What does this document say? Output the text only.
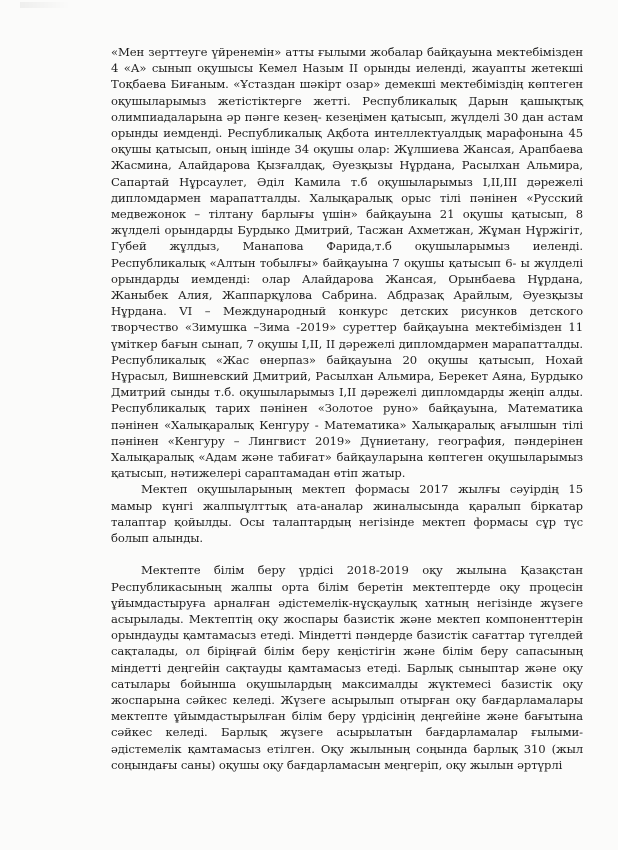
«Мен зерттеуге үйренемін» атты ғылыми жобалар байқауына мектебімізден 4 «А» сынып оқушысы Кемел Назым II орынды иеленді, жауапты жетекші Тоқбаева Биғаным. «Ұстаздан шәкірт озар» демекші мектебіміздің көптеген оқушыларымыз жетістіктерге жетті. Республикалық Дарын қашықтық олимпиадаларына әр пәнге кезең- кезеңімен қатысып, жүлделі 30 дан астам орынды иемденді. Республикалық Ақбота интеллектуалдық марафонына 45 оқушы қатысып, оның ішінде 34 оқушы олар: Жұлшиева Жансая, Арапбаева Жасмина, Алайдарова Қызғалдақ, Әуезқызы Нұрдана, Расылхан Альмира, Сапартай Нұрсаулет, Әділ Камила т.б оқушыларымыз I,II,III дәрежелі дипломдармен марапатталды. Халықаралық орыс тілі пәнінен «Русский медвежонок – тілтану барлығы үшін» байқауына 21 оқушы қатысып, 8 жүлделі орындарды Бурдыко Дмитрий, Тасжан Ахметжан, Жұман Нұржігіт, Губей жұлдыз, Манапова Фарида,т.б оқушыларымыз иеленді. Республикалық «Алтын тобылғы» байқауына 7 оқушы қатысып 6- ы жүлделі орындарды иемденді: олар Алайдарова Жансая, Орынбаева Нұрдана, Жаныбек Алия, Жаппарқұлова Сабрина. Абдразақ Арайлым, Әуезқызы Нұрдана. VI – Международный конкурс детских рисунков детского творчество «Зимушка –Зима -2019» суреттер байқауына мектебімізден 11 үміткер бағын сынап, 7 оқушы I,II, II дәрежелі дипломдармен марапатталды. Республикалық «Жас өнерпаз» байқауына 20 оқушы қатысып, Нохай Нұрасыл, Вишневский Дмитрий, Расылхан Альмира, Берекет Аяна, Бурдыко Дмитрий сынды т.б. оқушыларымыз I,II дәрежелі дипломдарды жеңіп алды. Республикалық тарих пәнінен «Золотое руно» байқауына, Математика пәнінен «Халықаралық Кенгуру - Математика» Халықаралық ағылшын тілі пәнінен «Кенгуру – Лингвист 2019» Дүниетану, география, пәндерінен Халықаралық «Адам және табиғат» байқауларына көптеген оқушыларымыз қатысып, нәтижелері сараптамадан өтіп жатыр.

Мектеп оқушыларының мектеп формасы 2017 жылғы сәуірдің 15 мамыр күнгі жалпыұлттық ата-аналар жиналысында қаралып біркатар талаптар қойылды. Осы талаптардың негізінде мектеп формасы сұр түс болып алынды.

Мектепте білім беру үрдісі 2018-2019 оқу жылына Қазақстан Республикасының жалпы орта білім беретін мектептерде оқу процесін ұйымдастыруға арналған әдістемелік-нұсқаулық хатның негізінде жүзеге асырылады. Мектептің оқу жоспары базистік және мектеп компоненттерін орындауды қамтамасыз етеді. Міндетті пәндерде базистік сағаттар түгелдей сақталады, ол біріңғай білім беру кеңістігін және білім беру сапасының міндетті деңгейін сақтауды қамтамасыз етеді. Барлық сыныптар және оқу сатылары бойынша оқушылардың максималды жүктемесі базистік оқу жоспарына сәйкес келеді. Жүзеге асырылып отырған оқу бағдарламалары мектепте ұйымдастырылған білім беру үрдісінің деңгейіне және бағытына сәйкес келеді. Барлық жүзеге асырылатын бағдарламалар ғылыми-әдістемелік қамтамасыз етілген. Оқу жылының соңында барлық 310 (жыл соңындағы саны) оқушы оқу бағдарламасын меңгеріп, оқу жылын әртүрлі
